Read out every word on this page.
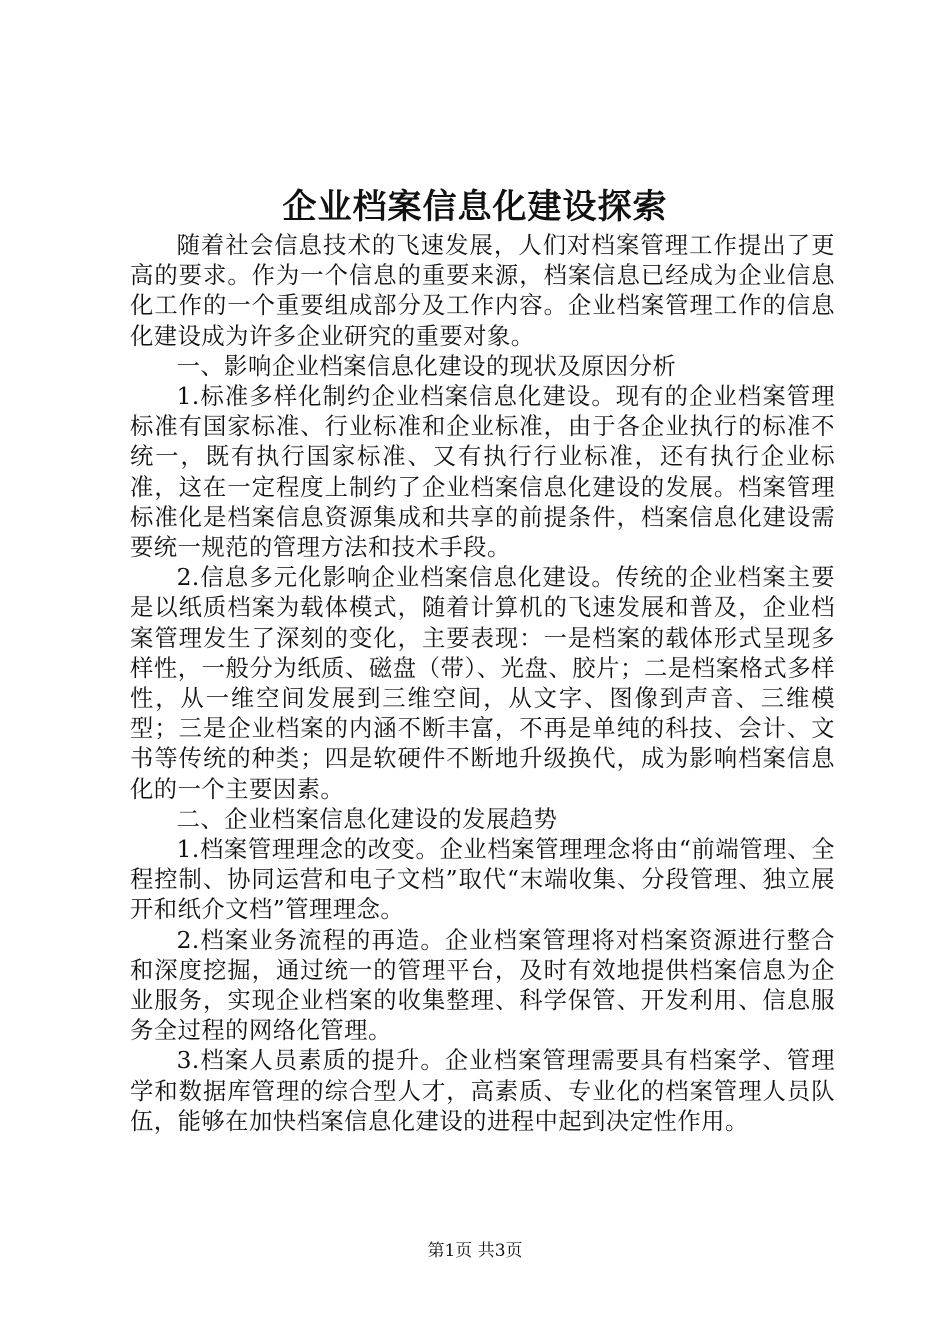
企业档案信息化建设探索

随着社会信息技术的飞速发展，人们对档案管理工作提出了更高的要求。作为一个信息的重要来源，档案信息已经成为企业信息化工作的一个重要组成部分及工作内容。企业档案管理工作的信息化建设成为许多企业研究的重要对象。

一、影响企业档案信息化建设的现状及原因分析

1.标准多样化制约企业档案信息化建设。现有的企业档案管理标准有国家标准、行业标准和企业标准，由于各企业执行的标准不统一，既有执行国家标准、又有执行行业标准，还有执行企业标准，这在一定程度上制约了企业档案信息化建设的发展。档案管理标准化是档案信息资源集成和共享的前提条件，档案信息化建设需要统一规范的管理方法和技术手段。

2.信息多元化影响企业档案信息化建设。传统的企业档案主要是以纸质档案为载体模式，随着计算机的飞速发展和普及，企业档案管理发生了深刻的变化，主要表现：一是档案的载体形式呈现多样性，一般分为纸质、磁盘（带）、光盘、胶片；二是档案格式多样性，从一维空间发展到三维空间，从文字、图像到声音、三维模型；三是企业档案的内涵不断丰富，不再是单纯的科技、会计、文书等传统的种类；四是软硬件不断地升级换代，成为影响档案信息化的一个主要因素。

二、企业档案信息化建设的发展趋势

1.档案管理理念的改变。企业档案管理理念将由“前端管理、全程控制、协同运营和电子文档”取代“末端收集、分段管理、独立展开和纸介文档”管理理念。

2.档案业务流程的再造。企业档案管理将对档案资源进行整合和深度挖掘，通过统一的管理平台，及时有效地提供档案信息为企业服务，实现企业档案的收集整理、科学保管、开发利用、信息服务全过程的网络化管理。

3.档案人员素质的提升。企业档案管理需要具有档案学、管理学和数据库管理的综合型人才，高素质、专业化的档案管理人员队伍，能够在加快档案信息化建设的进程中起到决定性作用。

第1页 共3页
